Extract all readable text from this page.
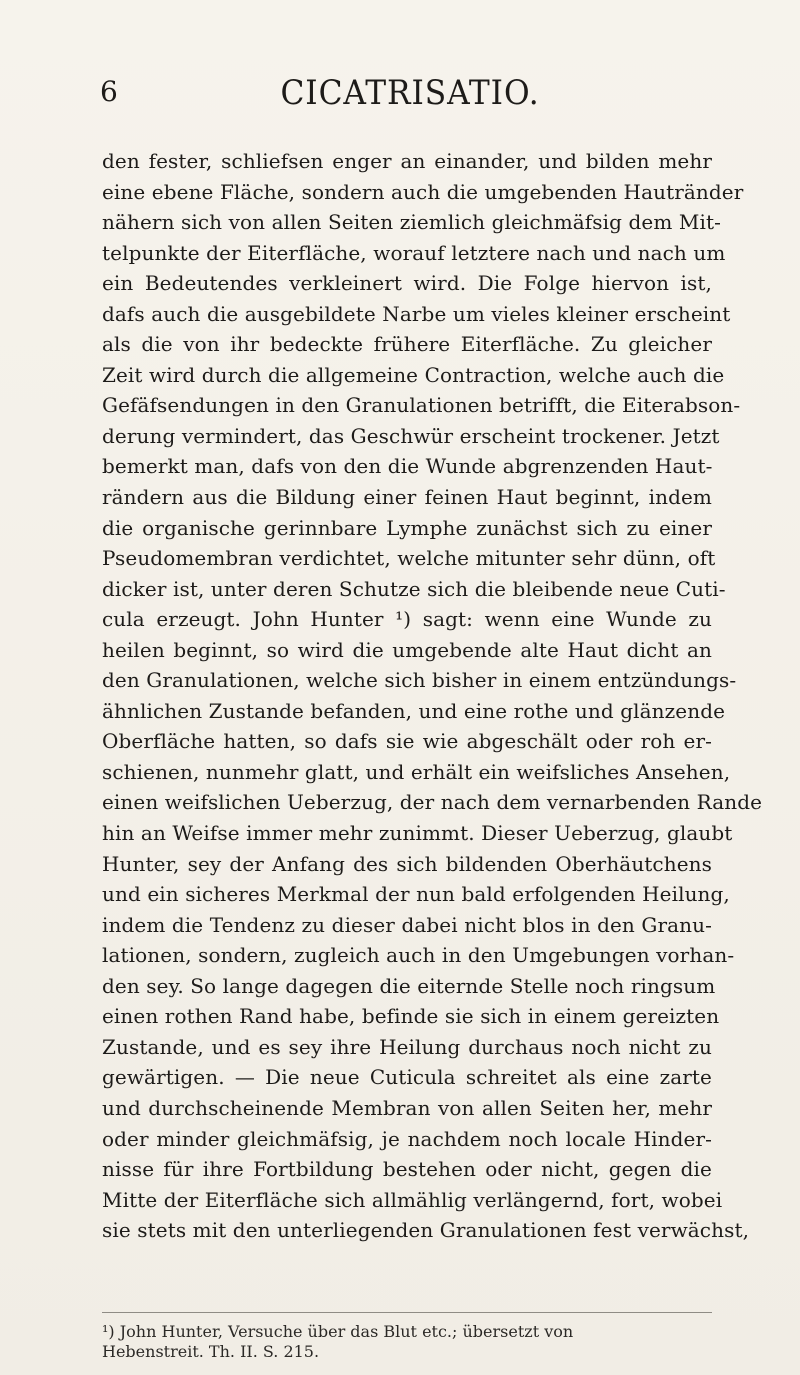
6	CICATRISATIO.
den fester, schliefsen enger an einander, und bilden mehr
eine ebene Fläche, sondern auch die umgebenden Hautränder
nähern sich von allen Seiten ziemlich gleichmäfsig dem Mit-
telpunkte der Eiterfläche, worauf letztere nach und nach um
ein Bedeutendes verkleinert wird. Die Folge hiervon ist,
dafs auch die ausgebildete Narbe um vieles kleiner erscheint
als die von ihr bedeckte frühere Eiterfläche. Zu gleicher
Zeit wird durch die allgemeine Contraction, welche auch die
Gefäfsendungen in den Granulationen betrifft, die Eiterabson-
derung vermindert, das Geschwür erscheint trockener. Jetzt
bemerkt man, dafs von den die Wunde abgrenzenden Haut-
rändern aus die Bildung einer feinen Haut beginnt, indem
die organische gerinnbare Lymphe zunächst sich zu einer
Pseudomembran verdichtet, welche mitunter sehr dünn, oft
dicker ist, unter deren Schutze sich die bleibende neue Cuti-
cula erzeugt. John Hunter ¹) sagt: wenn eine Wunde zu
heilen beginnt, so wird die umgebende alte Haut dicht an
den Granulationen, welche sich bisher in einem entzündungs-
ähnlichen Zustande befanden, und eine rothe und glänzende
Oberfläche hatten, so dafs sie wie abgeschält oder roh er-
schienen, nunmehr glatt, und erhält ein weifsliches Ansehen,
einen weifslichen Ueberzug, der nach dem vernarbenden Rande
hin an Weifse immer mehr zunimmt. Dieser Ueberzug, glaubt
Hunter, sey der Anfang des sich bildenden Oberhäutchens
und ein sicheres Merkmal der nun bald erfolgenden Heilung,
indem die Tendenz zu dieser dabei nicht blos in den Granu-
lationen, sondern, zugleich auch in den Umgebungen vorhan-
den sey. So lange dagegen die eiternde Stelle noch ringsum
einen rothen Rand habe, befinde sie sich in einem gereizten
Zustande, und es sey ihre Heilung durchaus noch nicht zu
gewärtigen. — Die neue Cuticula schreitet als eine zarte
und durchscheinende Membran von allen Seiten her, mehr
oder minder gleichmäfsig, je nachdem noch locale Hinder-
nisse für ihre Fortbildung bestehen oder nicht, gegen die
Mitte der Eiterfläche sich allmählig verlängernd, fort, wobei
sie stets mit den unterliegenden Granulationen fest verwächst,
¹) John Hunter, Versuche über das Blut etc.; übersetzt von
Hebenstreit. Th. II. S. 215.
